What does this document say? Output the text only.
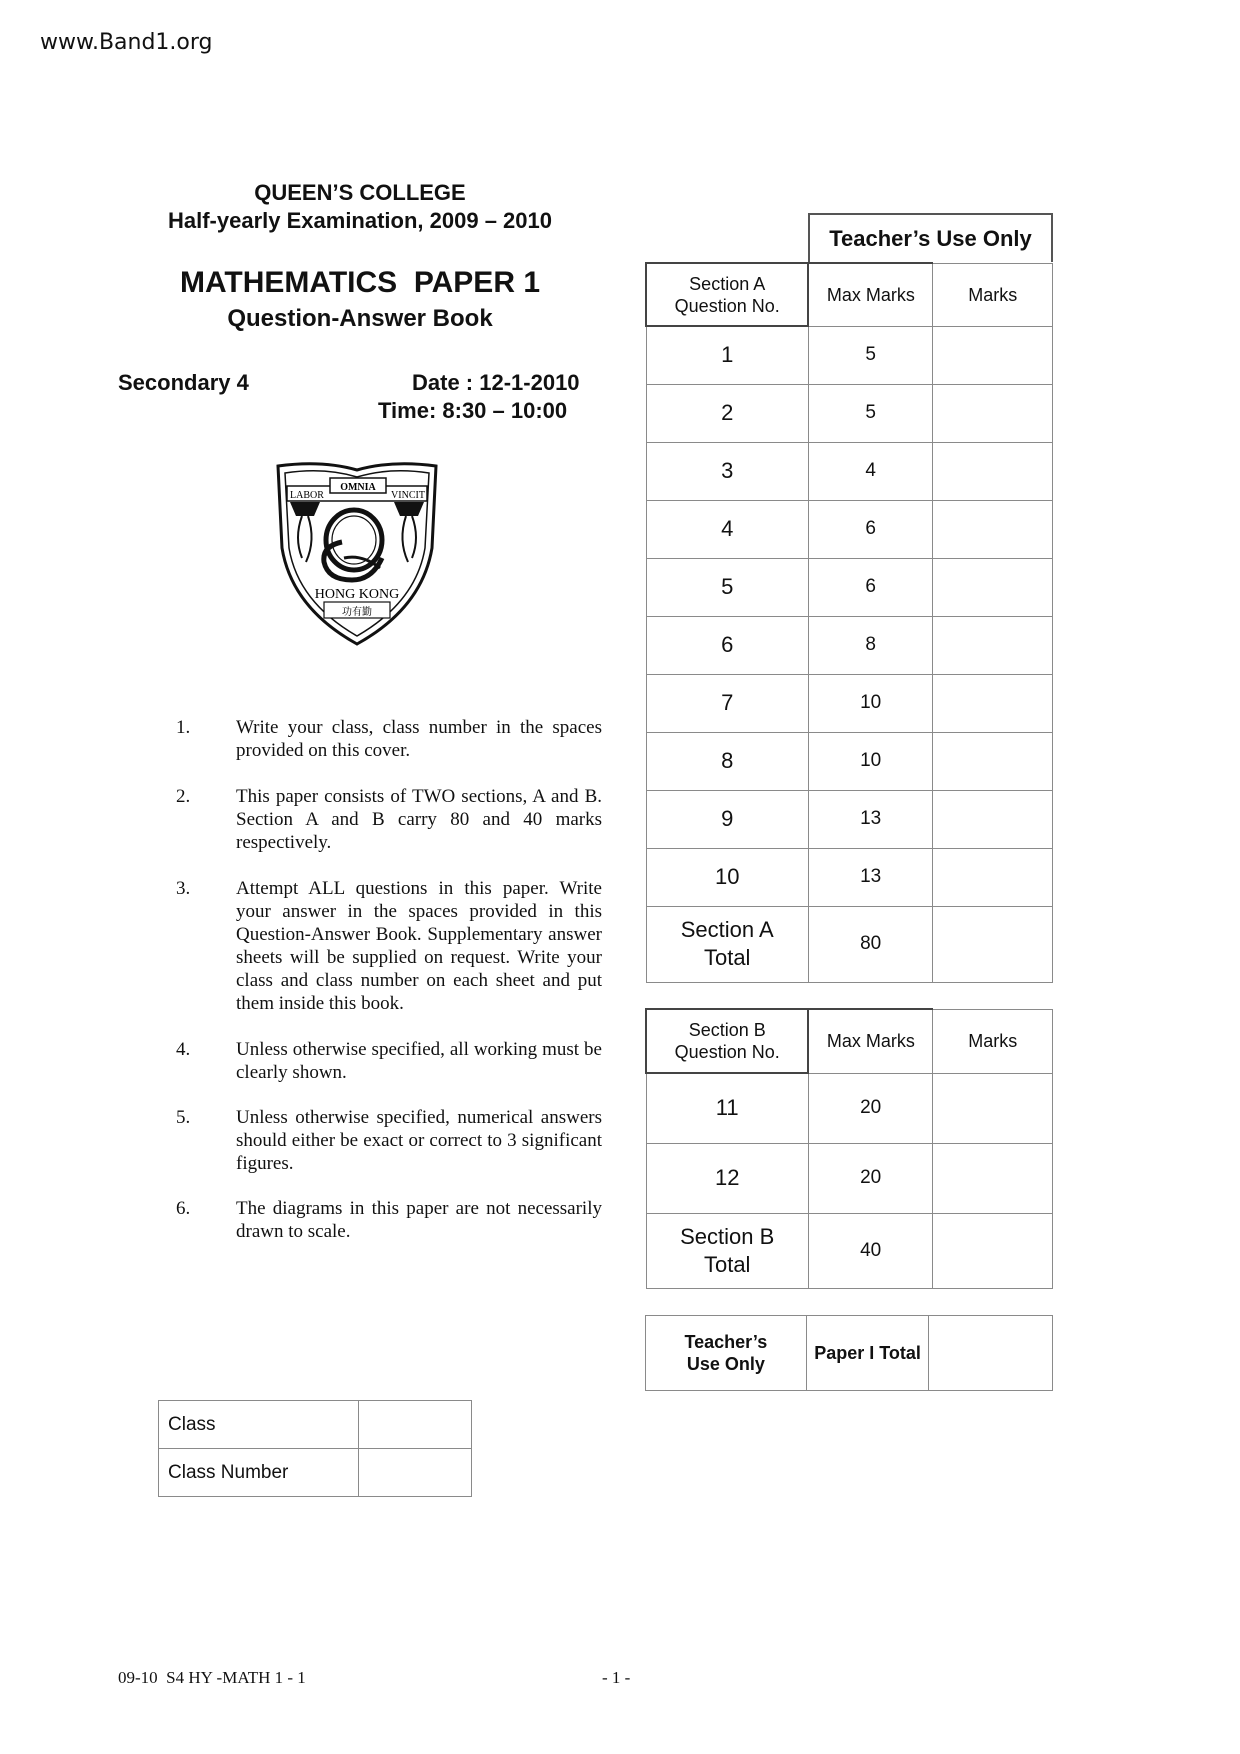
www.Band1.org
QUEEN’S COLLEGE
Half-yearly Examination, 2009 – 2010
MATHEMATICS  PAPER 1
Question-Answer Book
Secondary 4	Date : 12-1-2010
Time: 8:30 – 10:00
LABOR
OMNIA
VINCIT
HONG KONG
功有勤
1. Write your class, class number in the spaces provided on this cover.
2. This paper consists of TWO sections, A and B. Section A and B carry 80 and 40 marks respectively.
3. Attempt ALL questions in this paper. Write your answer in the spaces provided in this Question-Answer Book. Supplementary answer sheets will be supplied on request. Write your class and class number on each sheet and put them inside this book.
4. Unless otherwise specified, all working must be clearly shown.
5. Unless otherwise specified, numerical answers should either be exact or correct to 3 significant figures.
6. The diagrams in this paper are not necessarily drawn to scale.
Teacher’s Use Only
Section A
Question No.	Max Marks	Marks
1	5	
2	5	
3	4	
4	6	
5	6	
6	8	
7	10	
8	10	
9	13	
10	13	

Section A
Total	80	
Section B
Question No.	Max Marks	Marks
11	20	
12	20	

Section B
Total	40	
Teacher’s
Use Only
	Paper I Total	
Class	
Class Number	
09-10  S4 HY -MATH 1 - 1	- 1 -
